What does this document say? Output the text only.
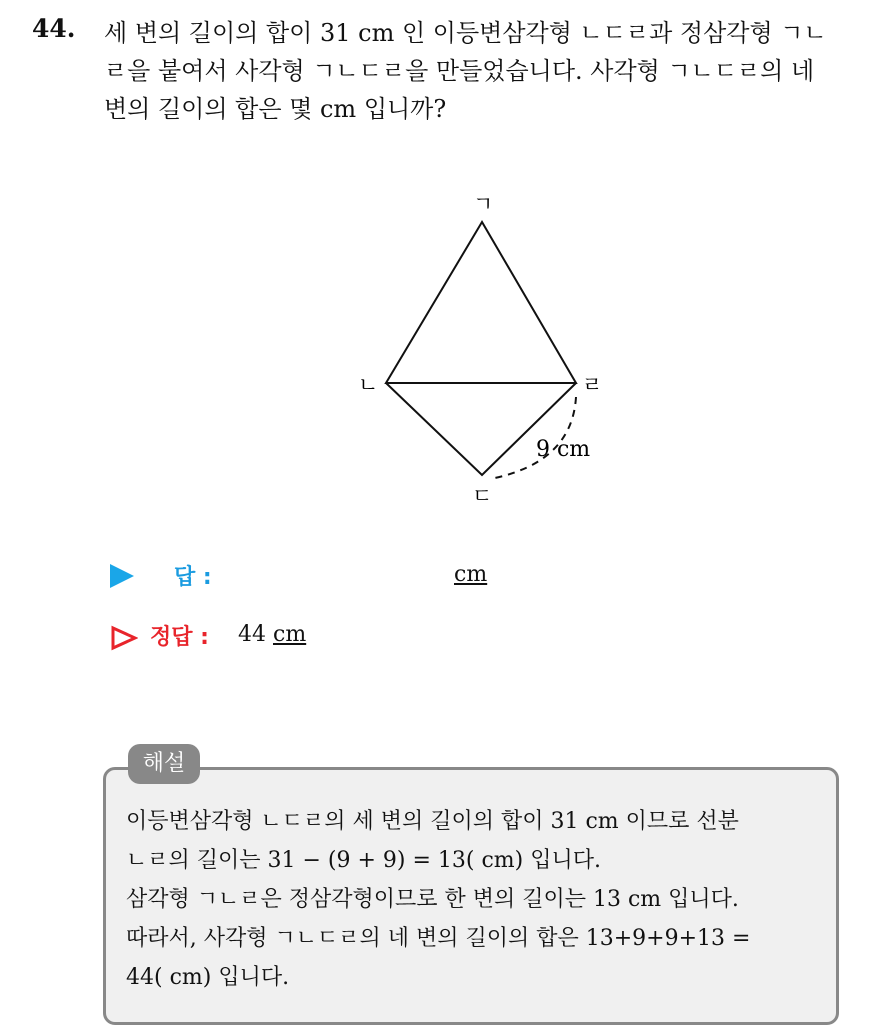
44. 세 변의 길이의 합이 31 cm 인 이등변삼각형 ㄴㄷㄹ과 정삼각형 ㄱㄴ
ㄹ을 붙여서 사각형 ㄱㄴㄷㄹ을 만들었습니다. 사각형 ㄱㄴㄷㄹ의 네
변의 길이의 합은 몇 cm 입니까?
ㄱ
ㄴ	ㄹ
ㄷ
9 cm
답 :	cm
정답 : 44 cm
이등변삼각형 ㄴㄷㄹ의 세 변의 길이의 합이 31 cm 이므로 선분
ㄴㄹ의 길이는 31 − (9 + 9) = 13( cm) 입니다.
삼각형 ㄱㄴㄹ은 정삼각형이므로 한 변의 길이는 13 cm 입니다.
따라서, 사각형 ㄱㄴㄷㄹ의 네 변의 길이의 합은 13+9+9+13 =
44( cm) 입니다.
해설
